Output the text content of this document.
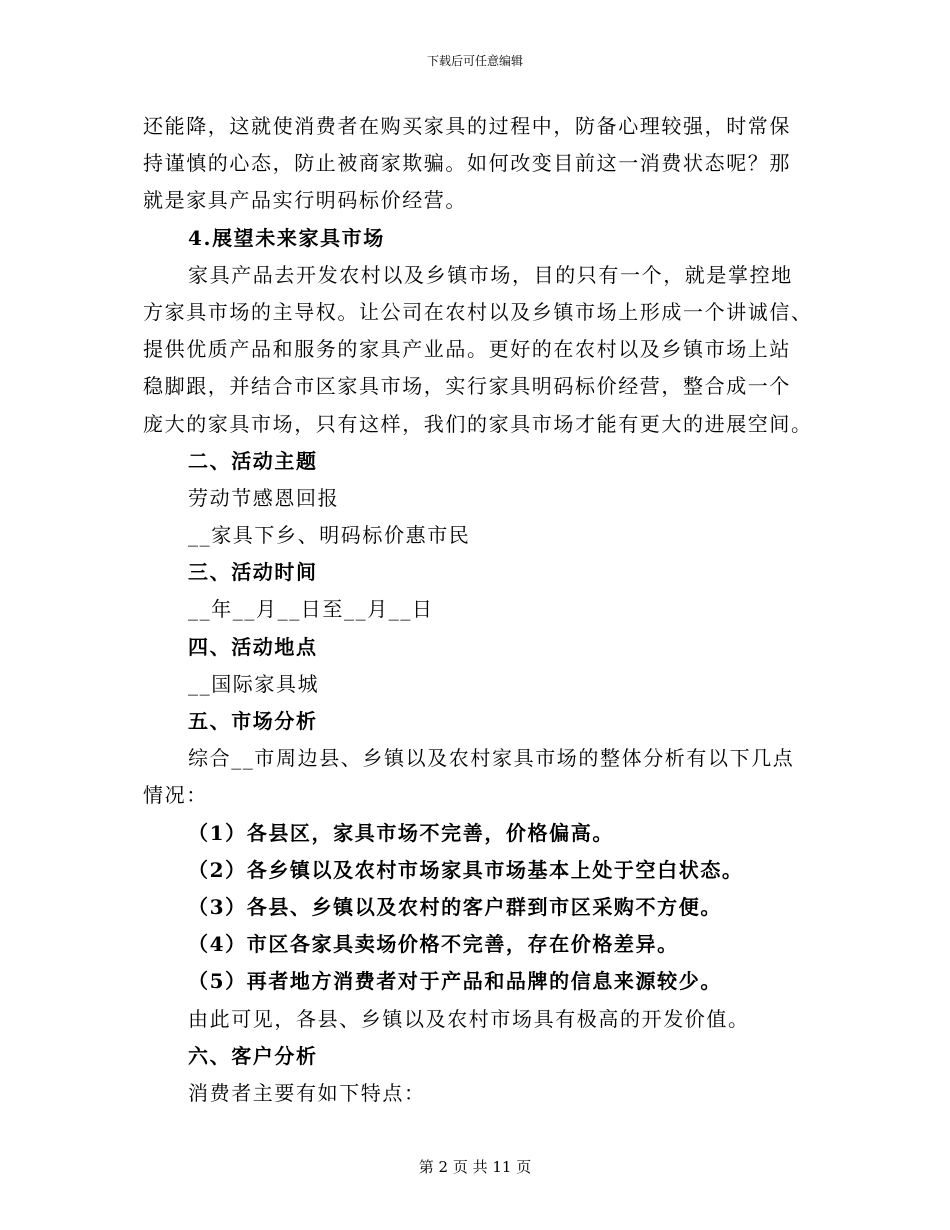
下载后可任意编辑
还能降，这就使消费者在购买家具的过程中，防备心理较强，时常保
持谨慎的心态，防止被商家欺骗。如何改变目前这一消费状态呢？那
就是家具产品实行明码标价经营。
4.展望未来家具市场
家具产品去开发农村以及乡镇市场，目的只有一个，就是掌控地
方家具市场的主导权。让公司在农村以及乡镇市场上形成一个讲诚信、
提供优质产品和服务的家具产业品。更好的在农村以及乡镇市场上站
稳脚跟，并结合市区家具市场，实行家具明码标价经营，整合成一个
庞大的家具市场，只有这样，我们的家具市场才能有更大的进展空间。
二、活动主题
劳动节感恩回报
__家具下乡、明码标价惠市民
三、活动时间
__年__月__日至__月__日
四、活动地点
__国际家具城
五、市场分析
综合__市周边县、乡镇以及农村家具市场的整体分析有以下几点
情况：
（1）各县区，家具市场不完善，价格偏高。
（2）各乡镇以及农村市场家具市场基本上处于空白状态。
（3）各县、乡镇以及农村的客户群到市区采购不方便。
（4）市区各家具卖场价格不完善，存在价格差异。
（5）再者地方消费者对于产品和品牌的信息来源较少。
由此可见，各县、乡镇以及农村市场具有极高的开发价值。
六、客户分析
消费者主要有如下特点：
第 2 页 共 11 页
